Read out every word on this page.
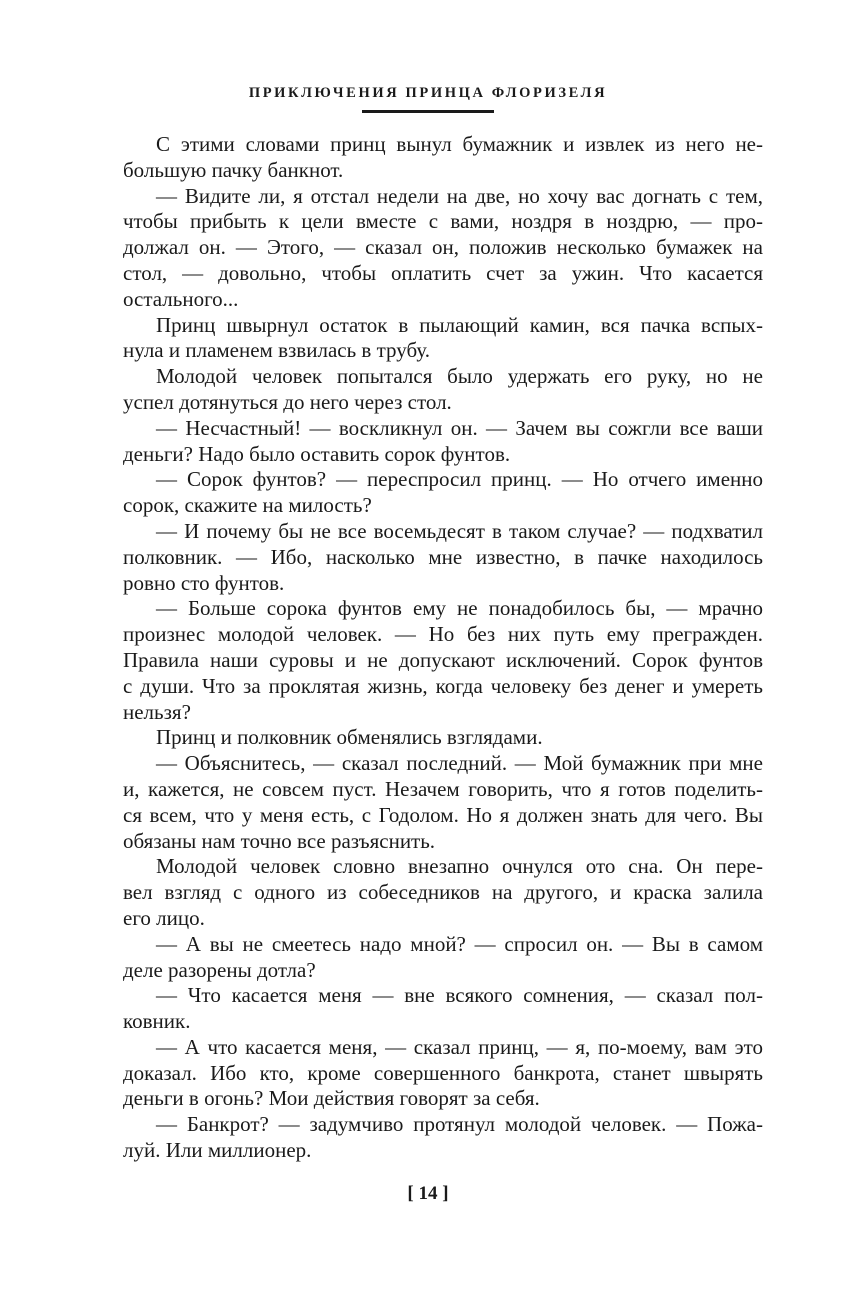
ПРИКЛЮЧЕНИЯ ПРИНЦА ФЛОРИЗЕЛЯ
С этими словами принц вынул бумажник и извлек из него не-
большую пачку банкнот.
— Видите ли, я отстал недели на две, но хочу вас догнать с тем,
чтобы прибыть к цели вместе с вами, ноздря в ноздрю, — про-
должал он. — Этого, — сказал он, положив несколько бумажек на
стол, — довольно, чтобы оплатить счет за ужин. Что касается
остального...
Принц швырнул остаток в пылающий камин, вся пачка вспых-
нула и пламенем взвилась в трубу.
Молодой человек попытался было удержать его руку, но не
успел дотянуться до него через стол.
— Несчастный! — воскликнул он. — Зачем вы сожгли все ваши
деньги? Надо было оставить сорок фунтов.
— Сорок фунтов? — переспросил принц. — Но отчего именно
сорок, скажите на милость?
— И почему бы не все восемьдесят в таком случае? — подхватил
полковник. — Ибо, насколько мне известно, в пачке находилось
ровно сто фунтов.
— Больше сорока фунтов ему не понадобилось бы, — мрачно
произнес молодой человек. — Но без них путь ему прегражден.
Правила наши суровы и не допускают исключений. Сорок фунтов
с души. Что за проклятая жизнь, когда человеку без денег и умереть
нельзя?
Принц и полковник обменялись взглядами.
— Объяснитесь, — сказал последний. — Мой бумажник при мне
и, кажется, не совсем пуст. Незачем говорить, что я готов поделить-
ся всем, что у меня есть, с Годолом. Но я должен знать для чего. Вы
обязаны нам точно все разъяснить.
Молодой человек словно внезапно очнулся ото сна. Он пере-
вел взгляд с одного из собеседников на другого, и краска залила
его лицо.
— А вы не смеетесь надо мной? — спросил он. — Вы в самом
деле разорены дотла?
— Что касается меня — вне всякого сомнения, — сказал пол-
ковник.
— А что касается меня, — сказал принц, — я, по-моему, вам это
доказал. Ибо кто, кроме совершенного банкрота, станет швырять
деньги в огонь? Мои действия говорят за себя.
— Банкрот? — задумчиво протянул молодой человек. — Пожа-
луй. Или миллионер.
[ 14 ]
